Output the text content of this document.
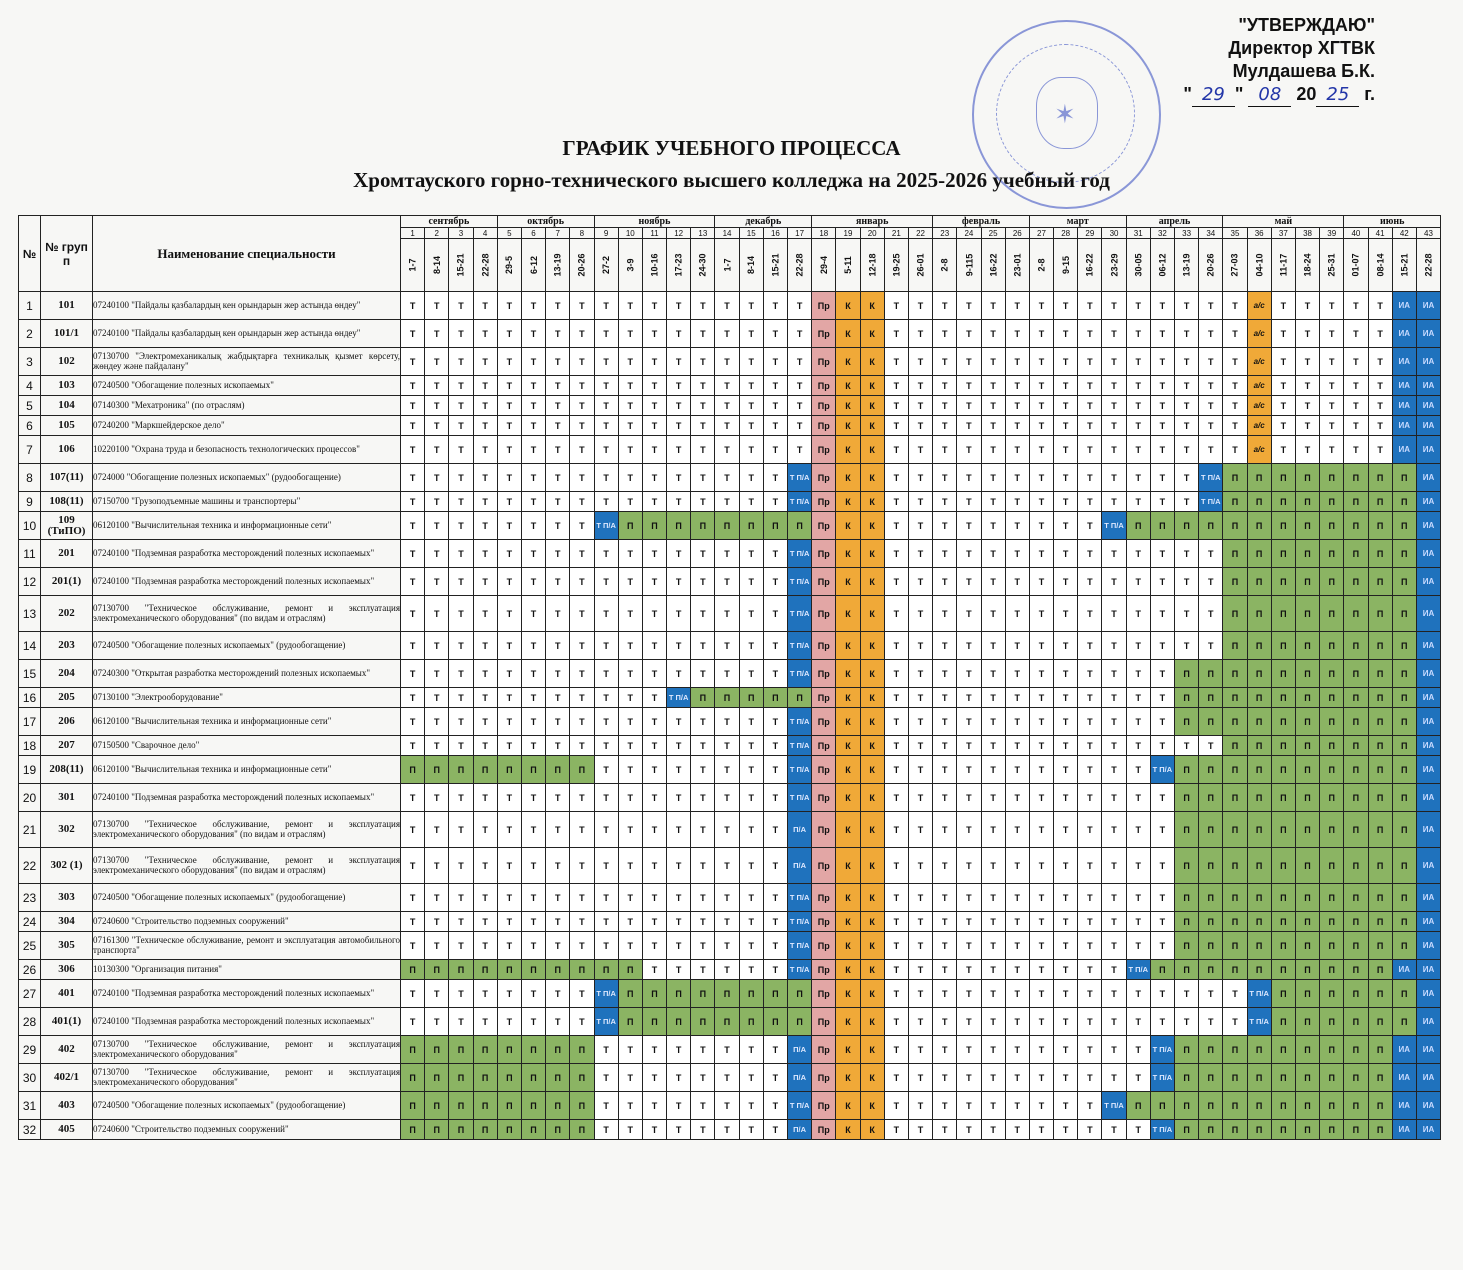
✶
"УТВЕРЖДАЮ"
Директор ХГТВК
Мулдашева Б.К.
" 29 " 08 20 25 г.
ГРАФИК УЧЕБНОГО ПРОЦЕССА
Хромтауского горно-технического высшего колледжа на 2025-2026 учебный год
№	№ груп п	Наименование специальности	сентябрь				октябрь				ноябрь					декабрь				январь					февраль				март				апрель				май					июнь			
			1	2	3	4	5	6	7	8	9	10	11	12	13	14	15	16	17	18	19	20	21	22	23	24	25	26	27	28	29	30	31	32	33	34	35	36	37	38	39	40	41	42	43
			1-7	8-14	15-21	22-28	29-5	6-12	13-19	20-26	27-2	3-9	10-16	17-23	24-30	1-7	8-14	15-21	22-28	29-4	5-11	12-18	19-25	26-01	2-8	9-115	16-22	23-01	2-8	9-15	16-22	23-29	30-05	06-12	13-19	20-26	27-03	04-10	11-17	18-24	25-31	01-07	08-14	15-21	22-28
1	101	07240100 "Пайдалы қазбалардың кен орындарын жер астында өндеу"	Т	Т	Т	Т	Т	Т	Т	Т	Т	Т	Т	Т	Т	Т	Т	Т	Т	Пр	К	К	Т	Т	Т	Т	Т	Т	Т	Т	Т	Т	Т	Т	Т	Т	Т	а/с	Т	Т	Т	Т	Т	ИА	ИА
2	101/1	07240100 "Пайдалы қазбалардың кен орындарын жер астында өндеу"	Т	Т	Т	Т	Т	Т	Т	Т	Т	Т	Т	Т	Т	Т	Т	Т	Т	Пр	К	К	Т	Т	Т	Т	Т	Т	Т	Т	Т	Т	Т	Т	Т	Т	Т	а/с	Т	Т	Т	Т	Т	ИА	ИА
3	102	07130700 "Электромеханикалық жабдықтарға техникалық қызмет көрсету, жөндеу және пайдалану"	Т	Т	Т	Т	Т	Т	Т	Т	Т	Т	Т	Т	Т	Т	Т	Т	Т	Пр	К	К	Т	Т	Т	Т	Т	Т	Т	Т	Т	Т	Т	Т	Т	Т	Т	а/с	Т	Т	Т	Т	Т	ИА	ИА
4	103	07240500 "Обогащение полезных ископаемых"	Т	Т	Т	Т	Т	Т	Т	Т	Т	Т	Т	Т	Т	Т	Т	Т	Т	Пр	К	К	Т	Т	Т	Т	Т	Т	Т	Т	Т	Т	Т	Т	Т	Т	Т	а/с	Т	Т	Т	Т	Т	ИА	ИА
5	104	07140300 "Мехатроника" (по отраслям)	Т	Т	Т	Т	Т	Т	Т	Т	Т	Т	Т	Т	Т	Т	Т	Т	Т	Пр	К	К	Т	Т	Т	Т	Т	Т	Т	Т	Т	Т	Т	Т	Т	Т	Т	а/с	Т	Т	Т	Т	Т	ИА	ИА
6	105	07240200 "Маркшейдерское дело"	Т	Т	Т	Т	Т	Т	Т	Т	Т	Т	Т	Т	Т	Т	Т	Т	Т	Пр	К	К	Т	Т	Т	Т	Т	Т	Т	Т	Т	Т	Т	Т	Т	Т	Т	а/с	Т	Т	Т	Т	Т	ИА	ИА
7	106	10220100 "Охрана труда и безопасность технологических процессов"	Т	Т	Т	Т	Т	Т	Т	Т	Т	Т	Т	Т	Т	Т	Т	Т	Т	Пр	К	К	Т	Т	Т	Т	Т	Т	Т	Т	Т	Т	Т	Т	Т	Т	Т	а/с	Т	Т	Т	Т	Т	ИА	ИА
8	107(11)	0724000 "Обогащение полезных ископаемых" (рудообогащение)	Т	Т	Т	Т	Т	Т	Т	Т	Т	Т	Т	Т	Т	Т	Т	Т	Т П/А	Пр	К	К	Т	Т	Т	Т	Т	Т	Т	Т	Т	Т	Т	Т	Т	Т П/А	П	П	П	П	П	П	П	П	ИА
9	108(11)	07150700 "Грузоподъемные машины и транспортеры"	Т	Т	Т	Т	Т	Т	Т	Т	Т	Т	Т	Т	Т	Т	Т	Т	Т П/А	Пр	К	К	Т	Т	Т	Т	Т	Т	Т	Т	Т	Т	Т	Т	Т	Т П/А	П	П	П	П	П	П	П	П	ИА
10	109 (ТиПО)	06120100 "Вычислительная техника и информационные сети"	Т	Т	Т	Т	Т	Т	Т	Т	Т П/А	П	П	П	П	П	П	П	П	Пр	К	К	Т	Т	Т	Т	Т	Т	Т	Т	Т	Т П/А	П	П	П	П	П	П	П	П	П	П	П	П	ИА
11	201	07240100 "Подземная разработка месторождений полезных ископаемых"	Т	Т	Т	Т	Т	Т	Т	Т	Т	Т	Т	Т	Т	Т	Т	Т	Т П/А	Пр	К	К	Т	Т	Т	Т	Т	Т	Т	Т	Т	Т	Т	Т	Т	Т	П	П	П	П	П	П	П	П	ИА
12	201(1)	07240100 "Подземная разработка месторождений полезных ископаемых"	Т	Т	Т	Т	Т	Т	Т	Т	Т	Т	Т	Т	Т	Т	Т	Т	Т П/А	Пр	К	К	Т	Т	Т	Т	Т	Т	Т	Т	Т	Т	Т	Т	Т	Т	П	П	П	П	П	П	П	П	ИА
13	202	07130700 "Техническое обслуживание, ремонт и эксплуатация электромеханического оборудования" (по видам и отраслям)	Т	Т	Т	Т	Т	Т	Т	Т	Т	Т	Т	Т	Т	Т	Т	Т	Т П/А	Пр	К	К	Т	Т	Т	Т	Т	Т	Т	Т	Т	Т	Т	Т	Т	Т	П	П	П	П	П	П	П	П	ИА
14	203	07240500 "Обогащение полезных ископаемых" (рудообогащение)	Т	Т	Т	Т	Т	Т	Т	Т	Т	Т	Т	Т	Т	Т	Т	Т	Т П/А	Пр	К	К	Т	Т	Т	Т	Т	Т	Т	Т	Т	Т	Т	Т	Т	Т	П	П	П	П	П	П	П	П	ИА
15	204	07240300 "Открытая разработка месторождений полезных ископаемых"	Т	Т	Т	Т	Т	Т	Т	Т	Т	Т	Т	Т	Т	Т	Т	Т	Т П/А	Пр	К	К	Т	Т	Т	Т	Т	Т	Т	Т	Т	Т	Т	Т	П	П	П	П	П	П	П	П	П	П	ИА
16	205	07130100 "Электрооборудование"	Т	Т	Т	Т	Т	Т	Т	Т	Т	Т	Т	Т П/А	П	П	П	П	П	Пр	К	К	Т	Т	Т	Т	Т	Т	Т	Т	Т	Т	Т	Т	П	П	П	П	П	П	П	П	П	П	ИА
17	206	06120100 "Вычислительная техника и информационные сети"	Т	Т	Т	Т	Т	Т	Т	Т	Т	Т	Т	Т	Т	Т	Т	Т	Т П/А	Пр	К	К	Т	Т	Т	Т	Т	Т	Т	Т	Т	Т	Т	Т	П	П	П	П	П	П	П	П	П	П	ИА
18	207	07150500 "Сварочное дело"	Т	Т	Т	Т	Т	Т	Т	Т	Т	Т	Т	Т	Т	Т	Т	Т	Т П/А	Пр	К	К	Т	Т	Т	Т	Т	Т	Т	Т	Т	Т	Т	Т	Т	Т	П	П	П	П	П	П	П	П	ИА
19	208(11)	06120100 "Вычислительная техника и информационные сети"	П	П	П	П	П	П	П	П	Т	Т	Т	Т	Т	Т	Т	Т	Т П/А	Пр	К	К	Т	Т	Т	Т	Т	Т	Т	Т	Т	Т	Т	Т П/А	П	П	П	П	П	П	П	П	П	П	ИА
20	301	07240100 "Подземная разработка месторождений полезных ископаемых"	Т	Т	Т	Т	Т	Т	Т	Т	Т	Т	Т	Т	Т	Т	Т	Т	Т П/А	Пр	К	К	Т	Т	Т	Т	Т	Т	Т	Т	Т	Т	Т	Т	П	П	П	П	П	П	П	П	П	П	ИА
21	302	07130700 "Техническое обслуживание, ремонт и эксплуатация электромеханического оборудования" (по видам и отраслям)	Т	Т	Т	Т	Т	Т	Т	Т	Т	Т	Т	Т	Т	Т	Т	Т	П/А	Пр	К	К	Т	Т	Т	Т	Т	Т	Т	Т	Т	Т	Т	Т	П	П	П	П	П	П	П	П	П	П	ИА
22	302 (1)	07130700 "Техническое обслуживание, ремонт и эксплуатация электромеханического оборудования" (по видам и отраслям)	Т	Т	Т	Т	Т	Т	Т	Т	Т	Т	Т	Т	Т	Т	Т	Т	П/А	Пр	К	К	Т	Т	Т	Т	Т	Т	Т	Т	Т	Т	Т	Т	П	П	П	П	П	П	П	П	П	П	ИА
23	303	07240500 "Обогащение полезных ископаемых" (рудообогащение)	Т	Т	Т	Т	Т	Т	Т	Т	Т	Т	Т	Т	Т	Т	Т	Т	Т П/А	Пр	К	К	Т	Т	Т	Т	Т	Т	Т	Т	Т	Т	Т	Т	П	П	П	П	П	П	П	П	П	П	ИА
24	304	07240600 "Строительство подземных сооружений"	Т	Т	Т	Т	Т	Т	Т	Т	Т	Т	Т	Т	Т	Т	Т	Т	Т П/А	Пр	К	К	Т	Т	Т	Т	Т	Т	Т	Т	Т	Т	Т	Т	П	П	П	П	П	П	П	П	П	П	ИА
25	305	07161300 "Техническое обслуживание, ремонт и эксплуатация автомобильного транспорта"	Т	Т	Т	Т	Т	Т	Т	Т	Т	Т	Т	Т	Т	Т	Т	Т	Т П/А	Пр	К	К	Т	Т	Т	Т	Т	Т	Т	Т	Т	Т	Т	Т	П	П	П	П	П	П	П	П	П	П	ИА
26	306	10130300 "Организация питания"	П	П	П	П	П	П	П	П	П	П	Т	Т	Т	Т	Т	Т	Т П/А	Пр	К	К	Т	Т	Т	Т	Т	Т	Т	Т	Т	Т	Т П/А	П	П	П	П	П	П	П	П	П	П	ИА	ИА
27	401	07240100 "Подземная разработка месторождений полезных ископаемых"	Т	Т	Т	Т	Т	Т	Т	Т	Т П/А	П	П	П	П	П	П	П	П	Пр	К	К	Т	Т	Т	Т	Т	Т	Т	Т	Т	Т	Т	Т	Т	Т	Т	Т П/А	П	П	П	П	П	П	ИА
28	401(1)	07240100 "Подземная разработка месторождений полезных ископаемых"	Т	Т	Т	Т	Т	Т	Т	Т	Т П/А	П	П	П	П	П	П	П	П	Пр	К	К	Т	Т	Т	Т	Т	Т	Т	Т	Т	Т	Т	Т	Т	Т	Т	Т П/А	П	П	П	П	П	П	ИА
29	402	07130700 "Техническое обслуживание, ремонт и эксплуатация электромеханического оборудования"	П	П	П	П	П	П	П	П	Т	Т	Т	Т	Т	Т	Т	Т	П/А	Пр	К	К	Т	Т	Т	Т	Т	Т	Т	Т	Т	Т	Т	Т П/А	П	П	П	П	П	П	П	П	П	ИА	ИА
30	402/1	07130700 "Техническое обслуживание, ремонт и эксплуатация электромеханического оборудования"	П	П	П	П	П	П	П	П	Т	Т	Т	Т	Т	Т	Т	Т	П/А	Пр	К	К	Т	Т	Т	Т	Т	Т	Т	Т	Т	Т	Т	Т П/А	П	П	П	П	П	П	П	П	П	ИА	ИА
31	403	07240500 "Обогащение полезных ископаемых" (рудообогащение)	П	П	П	П	П	П	П	П	Т	Т	Т	Т	Т	Т	Т	Т	Т П/А	Пр	К	К	Т	Т	Т	Т	Т	Т	Т	Т	Т	Т П/А	П	П	П	П	П	П	П	П	П	П	П	ИА	ИА
32	405	07240600 "Строительство подземных сооружений"	П	П	П	П	П	П	П	П	Т	Т	Т	Т	Т	Т	Т	Т	П/А	Пр	К	К	Т	Т	Т	Т	Т	Т	Т	Т	Т	Т	Т	Т П/А	П	П	П	П	П	П	П	П	П	ИА	ИА
